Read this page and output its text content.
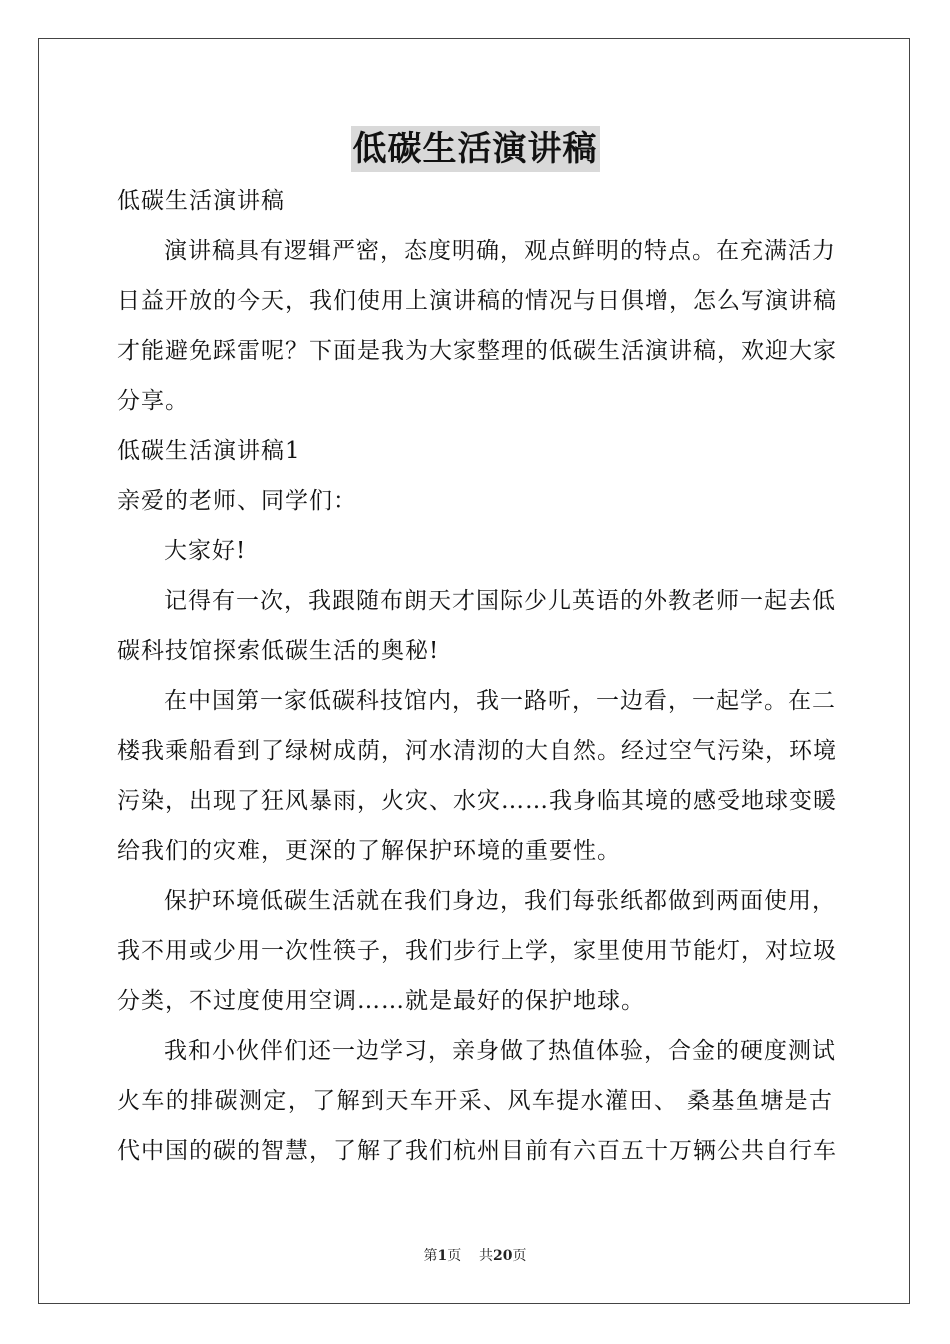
低碳生活演讲稿
低碳生活演讲稿
演讲稿具有逻辑严密，态度明确，观点鲜明的特点。在充满活力
日益开放的今天，我们使用上演讲稿的情况与日俱增，怎么写演讲稿
才能避免踩雷呢？下面是我为大家整理的低碳生活演讲稿，欢迎大家
分享。
低碳生活演讲稿1
亲爱的老师、同学们：
大家好!
记得有一次，我跟随布朗天才国际少儿英语的外教老师一起去低
碳科技馆探索低碳生活的奥秘!
在中国第一家低碳科技馆内，我一路听，一边看，一起学。在二
楼我乘船看到了绿树成荫，河水清沏的大自然。经过空气污染，环境
污染，出现了狂风暴雨，火灾、水灾……我身临其境的感受地球变暖
给我们的灾难，更深的了解保护环境的重要性。
保护环境低碳生活就在我们身边，我们每张纸都做到两面使用，
我不用或少用一次性筷子，我们步行上学，家里使用节能灯，对垃圾
分类，不过度使用空调……就是最好的保护地球。
我和小伙伴们还一边学习，亲身做了热值体验，合金的硬度测试
火车的排碳测定，了解到天车开采、风车提水灌田、 桑基鱼塘是古
代中国的碳的智慧，了解了我们杭州目前有六百五十万辆公共自行车
第1页 共20页
